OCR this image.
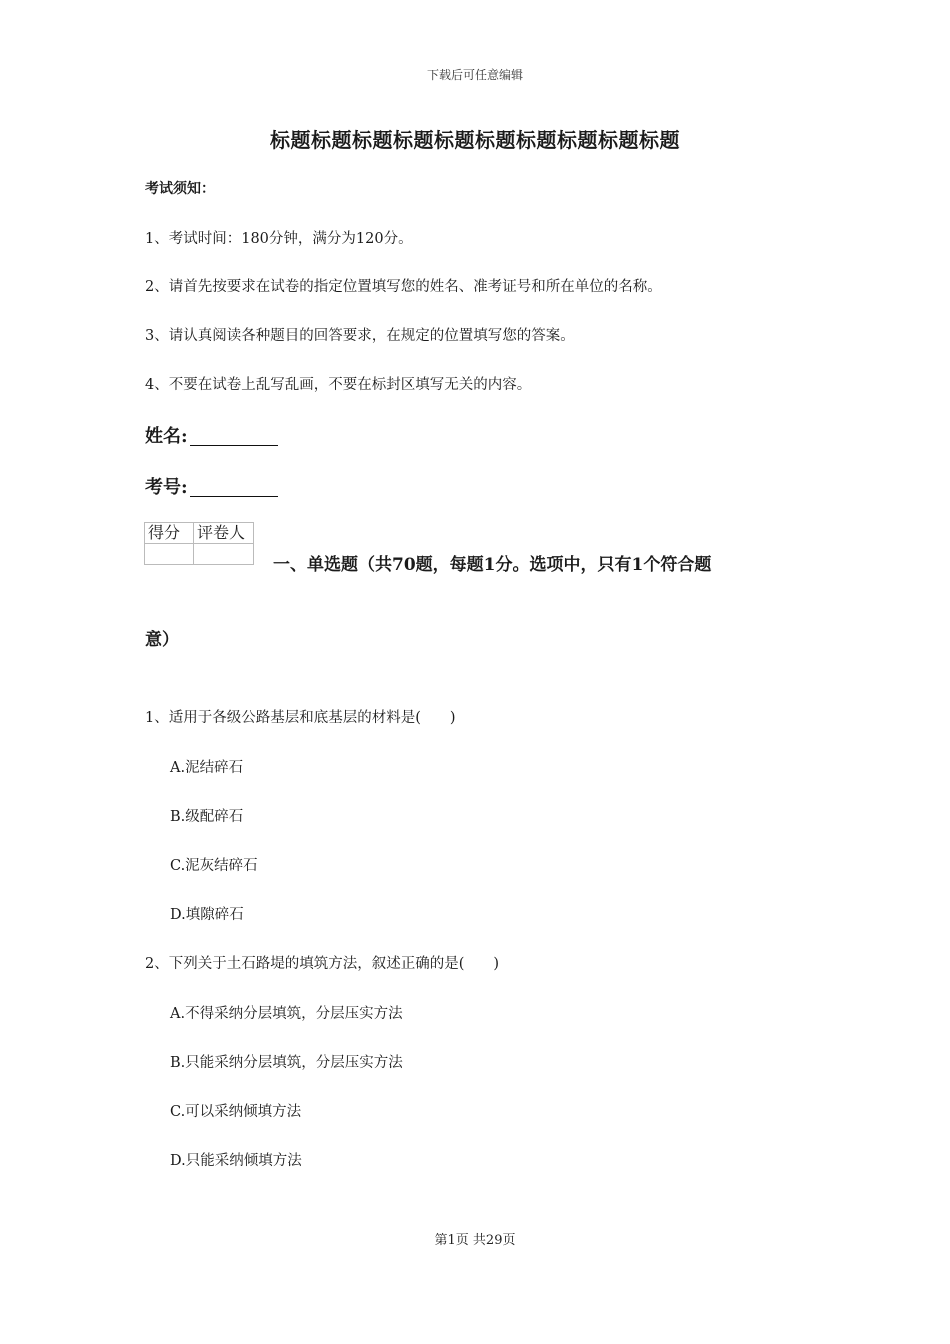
下载后可任意编辑
标题标题标题标题标题标题标题标题标题标题
考试须知：
1、考试时间：180分钟，满分为120分。
2、请首先按要求在试卷的指定位置填写您的姓名、准考证号和所在单位的名称。
3、请认真阅读各种题目的回答要求，在规定的位置填写您的答案。
4、不要在试卷上乱写乱画，不要在标封区填写无关的内容。
姓名:
考号:
得分	评卷人

一、单选题（共70题，每题1分。选项中，只有1个符合题
意）
1、适用于各级公路基层和底基层的材料是(　　)
A.泥结碎石
B.级配碎石
C.泥灰结碎石
D.填隙碎石
2、下列关于土石路堤的填筑方法，叙述正确的是(　　)
A.不得采纳分层填筑，分层压实方法
B.只能采纳分层填筑，分层压实方法
C.可以采纳倾填方法
D.只能采纳倾填方法
第1页 共29页
